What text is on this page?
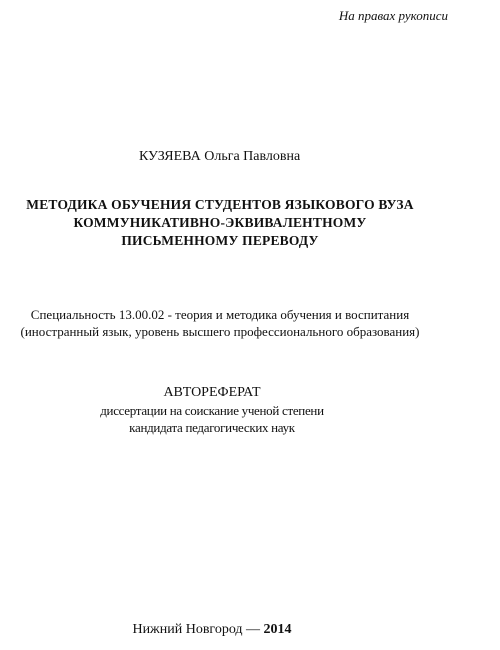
На правах рукописи
КУЗЯЕВА Ольга Павловна
МЕТОДИКА ОБУЧЕНИЯ СТУДЕНТОВ ЯЗЫКОВОГО ВУЗА
КОММУНИКАТИВНО-ЭКВИВАЛЕНТНОМУ
ПИСЬМЕННОМУ ПЕРЕВОДУ
Специальность 13.00.02 - теория и методика обучения и воспитания
(иностранный язык, уровень высшего профессионального образования)
АВТОРЕФЕРАТ
диссертации на соискание ученой степени
кандидата педагогических наук
Нижний Новгород — 2014
